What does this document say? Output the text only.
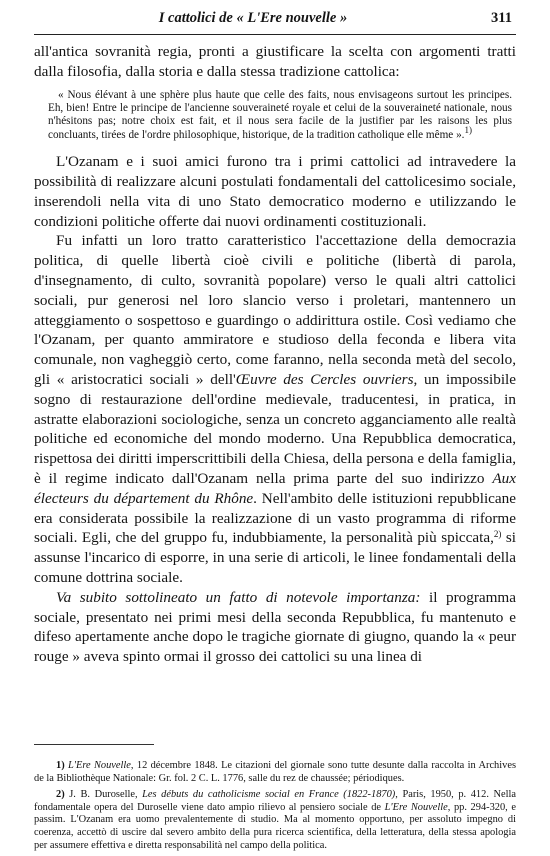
I cattolici de « L'Ere nouvelle »	311

all'antica sovranità regia, pronti a giustificare la scelta con argomenti tratti dalla filosofia, dalla storia e dalla stessa tradizione cattolica:

« Nous élévant à une sphère plus haute que celle des faits, nous envisageons surtout les principes. Eh, bien! Entre le principe de l'ancienne souveraineté royale et celui de la souveraineté nationale, nous n'hésitons pas; notre choix est fait, et il nous sera facile de la justifier par les raisons les plus concluants, tirées de l'ordre philosophique, historique, de la tradition catholique elle même ».$^{1)}$

L'Ozanam e i suoi amici furono tra i primi cattolici ad intravedere la possibilità di realizzare alcuni postulati fondamentali del cattolicesimo sociale, inserendoli nella vita di uno Stato democratico moderno e utilizzando le condizioni politiche offerte dai nuovi ordinamenti costituzionali.

Fu infatti un loro tratto caratteristico l'accettazione della democrazia politica, di quelle libertà cioè civili e politiche (libertà di parola, d'insegnamento, di culto, sovranità popolare) verso le quali altri cattolici sociali, pur generosi nel loro slancio verso i proletari, mantennero un atteggiamento o sospettoso e guardingo o addirittura ostile. Così vediamo che l'Ozanam, per quanto ammiratore e studioso della feconda e libera vita comunale, non vagheggiò certo, come faranno, nella seconda metà del secolo, gli « aristocratici sociali » dell'Œuvre des Cercles ouvriers, un impossibile sogno di restaurazione dell'ordine medievale, traducentesi, in pratica, in astratte elaborazioni sociologiche, senza un concreto agganciamento alle realtà politiche ed economiche del mondo moderno. Una Repubblica democratica, rispettosa dei diritti imperscrittibili della Chiesa, della persona e della famiglia, è il regime indicato dall'Ozanam nella prima parte del suo indirizzo Aux électeurs du département du Rhône. Nell'ambito delle istituzioni repubblicane era considerata possibile la realizzazione di un vasto programma di riforme sociali. Egli, che del gruppo fu, indubbiamente, la personalità più spiccata,$^{2)}$ si assunse l'incarico di esporre, in una serie di articoli, le linee fondamentali della comune dottrina sociale.

Va subito sottolineato un fatto di notevole importanza: il programma sociale, presentato nei primi mesi della seconda Repubblica, fu mantenuto e difeso apertamente anche dopo le tragiche giornate di giugno, quando la « peur rouge » aveva spinto ormai il grosso dei cattolici su una linea di

1) L'Ere Nouvelle, 12 décembre 1848. Le citazioni del giornale sono tutte desunte dalla raccolta in Archives de la Bibliothèque Nationale: Gr. fol. 2 C. L. 1776, salle du rez de chaussée; périodiques.

2) J. B. Duroselle, Les débuts du catholicisme social en France (1822-1870), Paris, 1950, p. 412. Nella fondamentale opera del Duroselle viene dato ampio rilievo al pensiero sociale de L'Ere Nouvelle, pp. 294-320, e passim. L'Ozanam era uomo prevalentemente di studio. Ma al momento opportuno, per assoluto impegno di coerenza, accettò di uscire dal severo ambito della pura ricerca scientifica, della letteratura, della stessa apologia per assumere effettiva e diretta responsabilità nel campo della politica.
